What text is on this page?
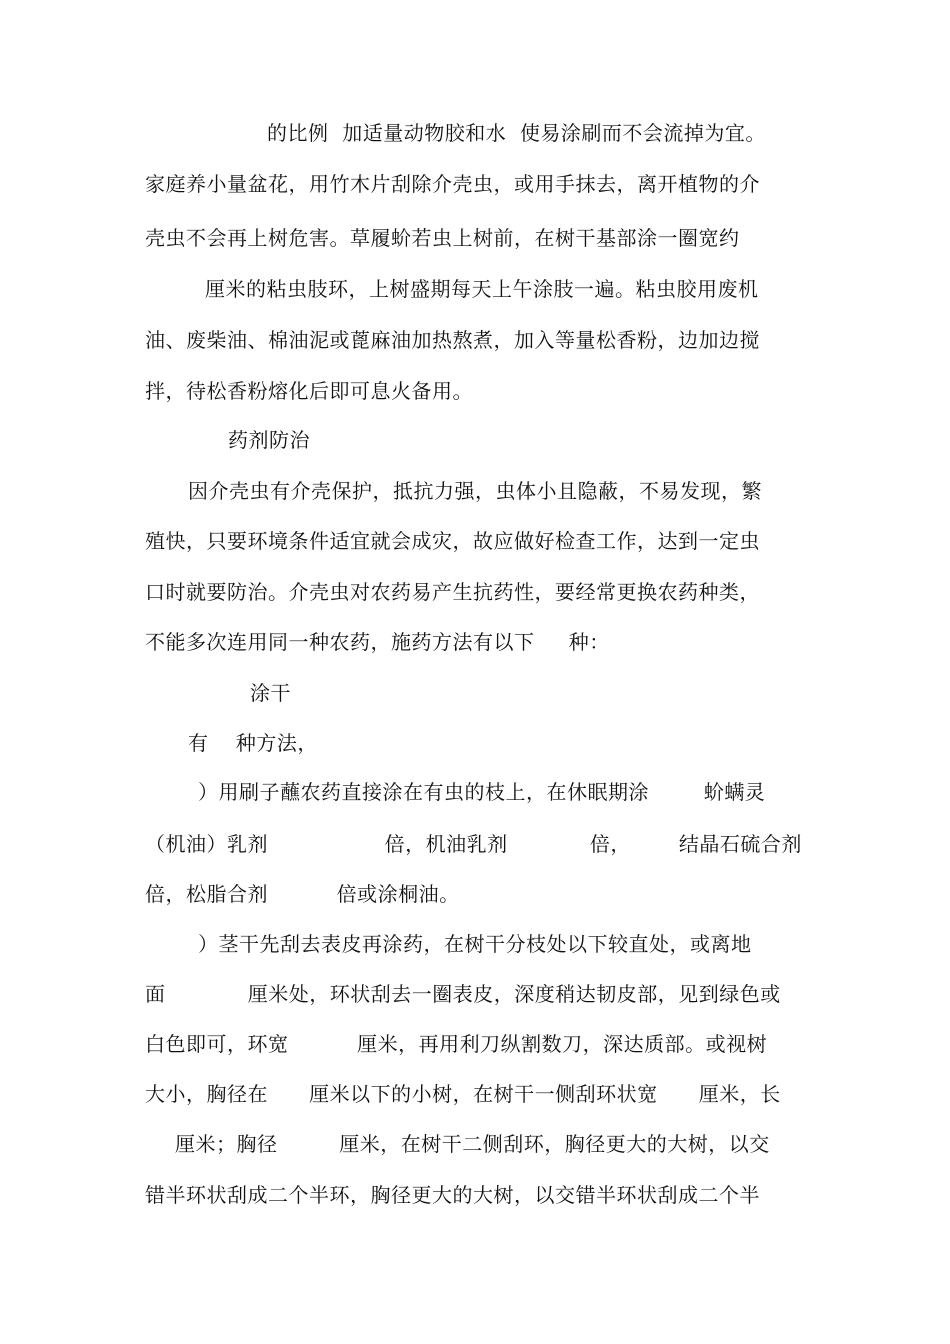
的比例  加适量动物胶和水  使易涂刷而不会流掉为宜。
家庭养小量盆花，用竹木片刮除介壳虫，或用手抹去，离开植物的介
壳虫不会再上树危害。草履蚧若虫上树前，在树干基部涂一圈宽约
厘米的粘虫肢环，上树盛期每天上午涂肢一遍。粘虫胶用废机
油、废柴油、棉油泥或蓖麻油加热熬煮，加入等量松香粉，边加边搅
拌，待松香粉熔化后即可息火备用。
药剂防治
因介壳虫有介壳保护，抵抗力强，虫体小且隐蔽，不易发现，繁
殖快，只要环境条件适宜就会成灾，故应做好检查工作，达到一定虫
口时就要防治。介壳虫对农药易产生抗药性，要经常更换农药种类，
不能多次连用同一种农药，施药方法有以下     种：
涂干
有    种方法，
）用刷子蘸农药直接涂在有虫的枝上，在休眠期涂        蚧螨灵
（机油）乳剂                 倍，机油乳剂            倍，       结晶石硫合剂
倍，松脂合剂          倍或涂桐油。
）茎干先刮去表皮再涂药，在树干分枝处以下较直处，或离地
面            厘米处，环状刮去一圈表皮，深度稍达韧皮部，见到绿色或
白色即可，环宽          厘米，再用利刀纵割数刀，深达质部。或视树
大小，胸径在      厘米以下的小树，在树干一侧刮环状宽      厘米，长
厘米；胸径         厘米，在树干二侧刮环，胸径更大的大树，以交
错半环状刮成二个半环，胸径更大的大树，以交错半环状刮成二个半
